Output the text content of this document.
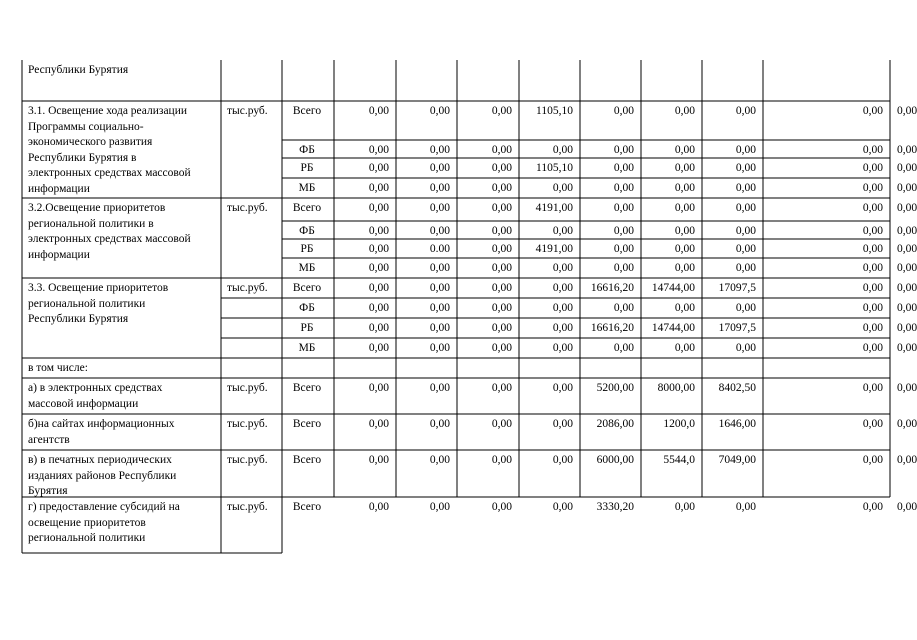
Республики Бурятия
3.1. Освещение хода реализации
Программы социально-
экономического развития
Республики Бурятия в
электронных средствах массовой
информации
тыс.руб.	Всего	0,00	0,00	0,00	1105,10	0,00	0,00	0,00	0,00 0,00
ФБ	0,00	0,00	0,00	0,00	0,00	0,00	0,00	0,00 0,00
РБ	0,00	0,00	0,00	1105,10	0,00	0,00	0,00	0,00 0,00
МБ	0,00	0,00	0,00	0,00	0,00	0,00	0,00	0,00 0,00
3.2.Освещение приоритетов
региональной политики в
электронных средствах массовой
информации
тыс.руб.	Всего	0,00	0,00	0,00	4191,00	0,00	0,00	0,00	0,00 0,00
ФБ	0,00	0,00	0,00	0,00	0,00	0,00	0,00	0,00 0,00
РБ	0,00	0.00	0,00	4191,00	0,00	0,00	0,00	0,00 0,00
МБ	0,00	0,00	0,00	0,00	0,00	0,00	0,00	0,00 0,00
3.3. Освещение приоритетов
региональной политики
Республики Бурятия
тыс.руб.	Всего	0,00	0,00	0,00	0,00	16616,20	14744,00	17097,5	0,00 0,00
ФБ	0,00	0,00	0,00	0,00	0,00	0,00	0,00	0,00 0,00
РБ	0,00	0,00	0,00	0,00	16616,20	14744,00	17097,5	0,00 0,00
МБ	0,00	0,00	0,00	0,00	0,00	0,00	0,00	0,00 0,00
в том числе:
а) в электронных средствах
массовой информации
тыс.руб.	Всего	0,00	0,00	0,00	0,00	5200,00	8000,00	8402,50	0,00 0,00
б)на сайтах информационных
агентств
тыс.руб.	Всего	0,00	0,00	0,00	0,00	2086,00	1200,0	1646,00	0,00 0,00
в) в печатных периодических
изданиях районов Республики
Бурятия
тыс.руб.	Всего	0,00	0,00	0,00	0,00	6000,00	5544,0	7049,00	0,00 0,00
г) предоставление субсидий на
освещение приоритетов
региональной политики
тыс.руб.	Всего	0,00	0,00	0,00	0,00	3330,20	0,00	0,00	0,00 0,00
